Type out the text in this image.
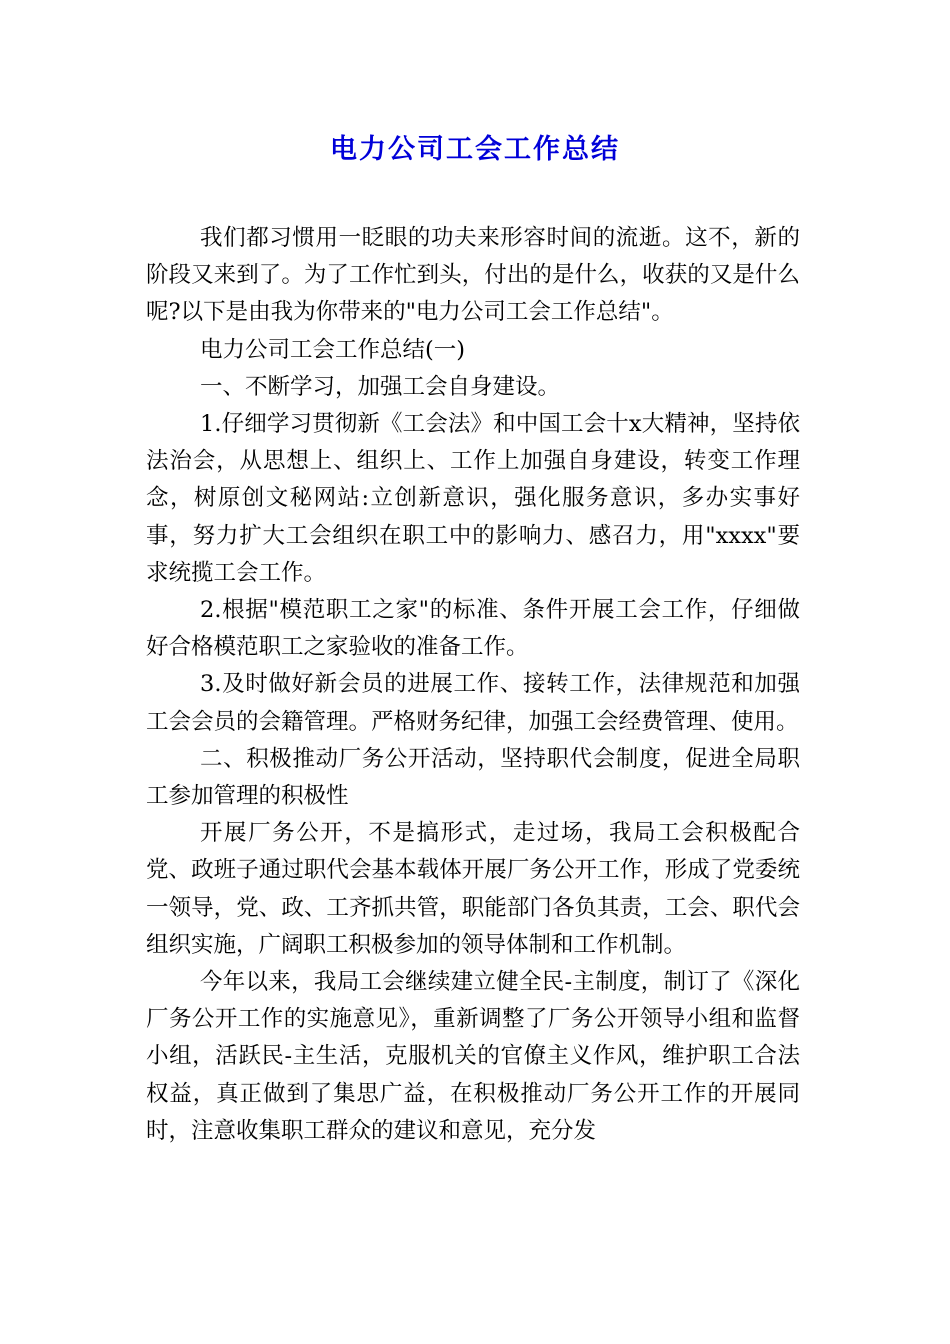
电力公司工会工作总结

我们都习惯用一眨眼的功夫来形容时间的流逝。这不，新的阶段又来到了。为了工作忙到头，付出的是什么，收获的又是什么呢?以下是由我为你带来的"电力公司工会工作总结"。

电力公司工会工作总结(一)

一、不断学习，加强工会自身建设。

1.仔细学习贯彻新《工会法》和中国工会十x大精神，坚持依法治会，从思想上、组织上、工作上加强自身建设，转变工作理念，树原创文秘网站:立创新意识，强化服务意识，多办实事好事，努力扩大工会组织在职工中的影响力、感召力，用"xxxx"要求统揽工会工作。

2.根据"模范职工之家"的标准、条件开展工会工作，仔细做好合格模范职工之家验收的准备工作。

3.及时做好新会员的进展工作、接转工作，法律规范和加强工会会员的会籍管理。严格财务纪律，加强工会经费管理、使用。

二、积极推动厂务公开活动，坚持职代会制度，促进全局职工参加管理的积极性

开展厂务公开，不是搞形式，走过场，我局工会积极配合党、政班子通过职代会基本载体开展厂务公开工作，形成了党委统一领导，党、政、工齐抓共管，职能部门各负其责，工会、职代会组织实施，广阔职工积极参加的领导体制和工作机制。

今年以来，我局工会继续建立健全民-主制度，制订了《深化厂务公开工作的实施意见》，重新调整了厂务公开领导小组和监督小组，活跃民-主生活，克服机关的官僚主义作风，维护职工合法权益，真正做到了集思广益，在积极推动厂务公开工作的开展同时，注意收集职工群众的建议和意见，充分发
